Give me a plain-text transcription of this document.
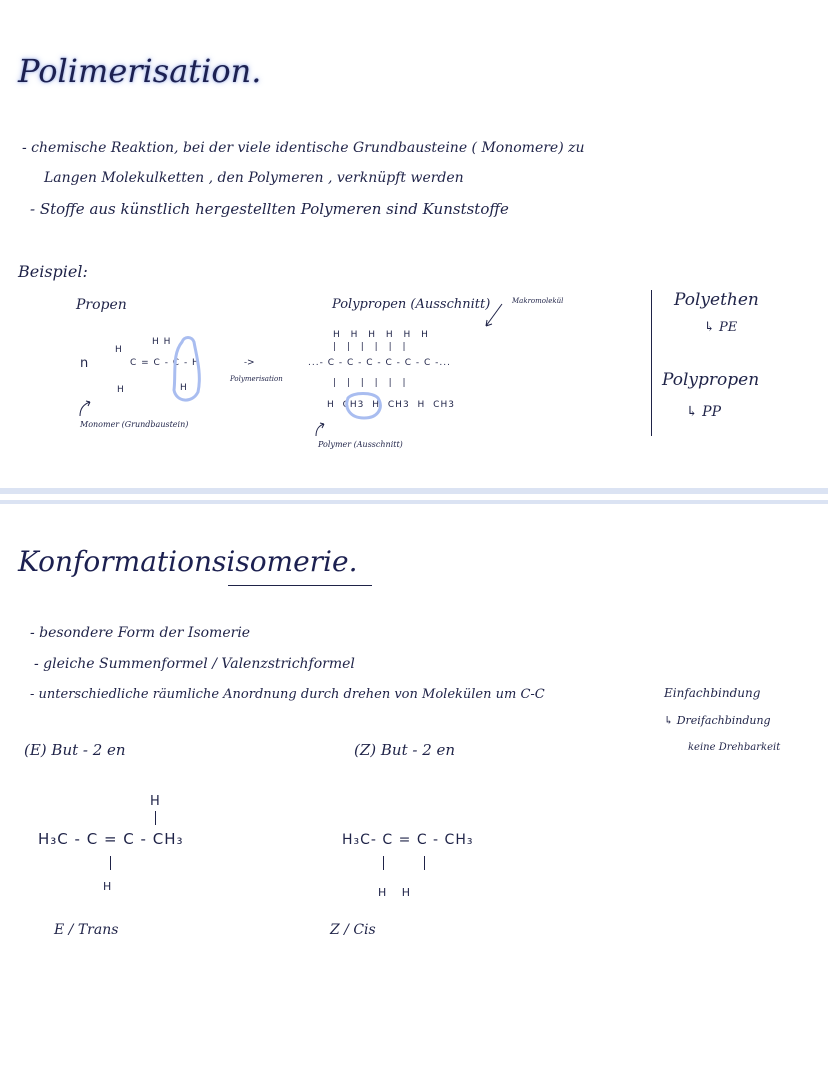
Polimerisation.
- chemische Reaktion, bei der viele identische Grundbausteine ( Monomere) zu
Langen Molekulketten , den Polymeren , verknüpft werden
- Stoffe aus künstlich hergestellten Polymeren sind Kunststoffe
Beispiel:
Propen
n
H H
H
C = C - C - H
H	H
->
Polymerisation
Monomer (Grundbaustein)
Polypropen (Ausschnitt)	Makromolekül
H H H H H H
| | | | | |
...- C - C - C - C - C - C -...
| | | | | |
H CH3 H CH3 H CH3
Polymer (Ausschnitt)
Polyethen
↳ PE
Polypropen
↳ PP
Konformationsisomerie.
- besondere Form der Isomerie
- gleiche Summenformel / Valenzstrichformel
- unterschiedliche räumliche Anordnung durch drehen von Molekülen um C-C	Einfachbindung
↳ Dreifachbindung
keine Drehbarkeit
(E) But - 2 en	(Z) But - 2 en
H
H₃C - C = C - CH₃
H
E / Trans
H₃C- C = C - CH₃
H H
Z / Cis
